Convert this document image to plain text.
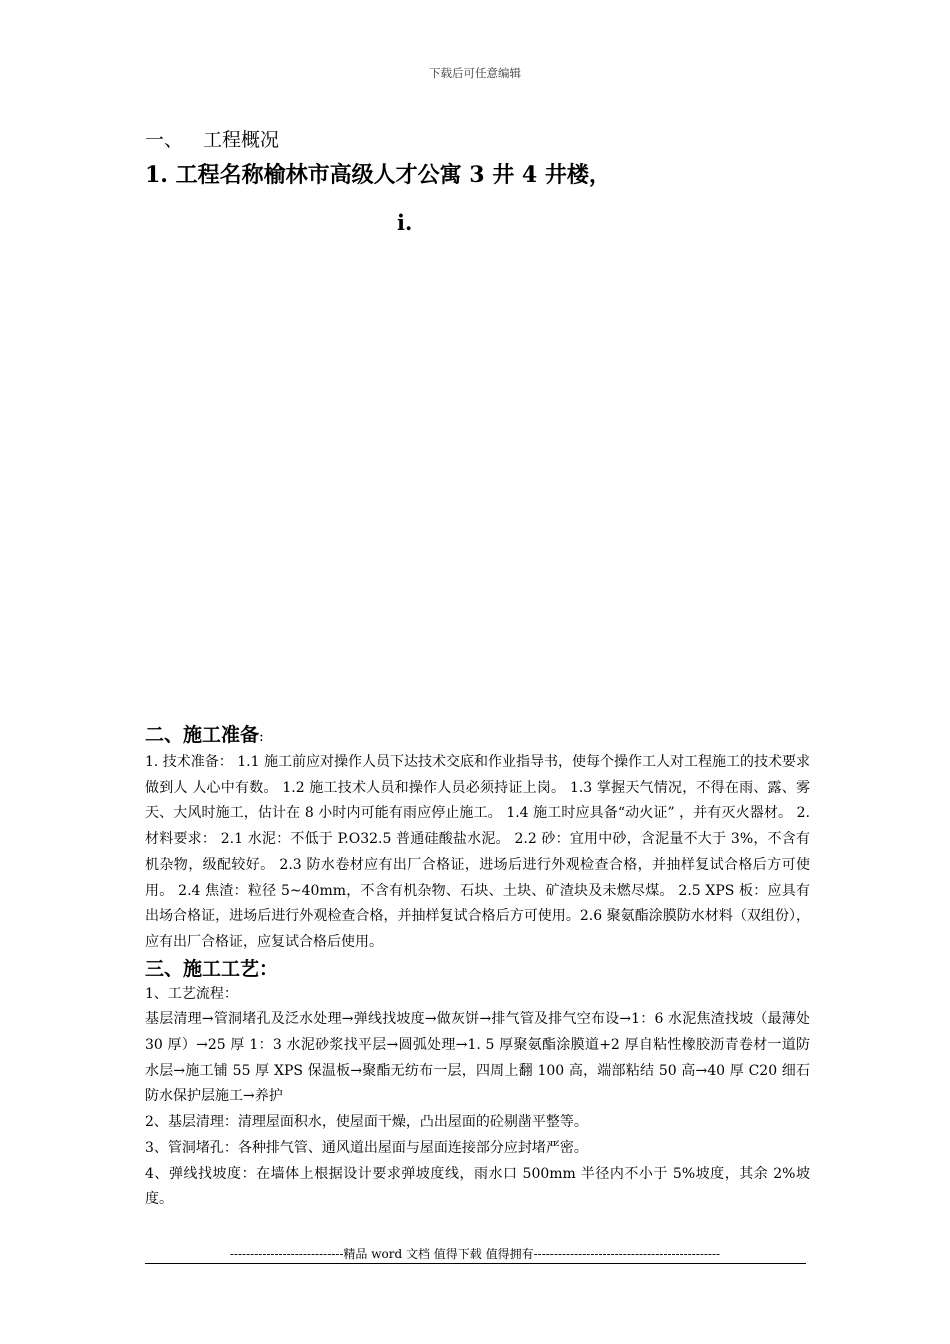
下载后可任意编辑
一、 工程概况
1. 工程名称榆林市高级人才公寓 3 井 4 井楼，
i.
二、施工准备:

1. 技术准备： 1.1 施工前应对操作人员下达技术交底和作业指导书，使每个操作工人对工程施工的技术要求做到人 人心中有数。 1.2 施工技术人员和操作人员必须持证上岗。 1.3 掌握天气情况，不得在雨、露、雾天、大风时施工，估计在 8 小时内可能有雨应停止施工。 1.4 施工时应具备“动火证” ，并有灭火器材。 2. 材料要求： 2.1 水泥：不低于 P.O32.5 普通硅酸盐水泥。 2.2 砂：宜用中砂，含泥量不大于 3%，不含有机杂物，级配较好。 2.3 防水卷材应有出厂合格证，进场后进行外观检查合格，并抽样复试合格后方可使用。 2.4 焦渣：粒径 5~40mm，不含有机杂物、石块、土块、矿渣块及未燃尽煤。 2.5 XPS 板：应具有出场合格证，进场后进行外观检查合格，并抽样复试合格后方可使用。2.6 聚氨酯涂膜防水材料（双组份），应有出厂合格证，应复试合格后使用。

三、施工工艺：

1、工艺流程：

基层清理→管洞堵孔及泛水处理→弹线找坡度→做灰饼→排气管及排气空布设→1：6 水泥焦渣找坡（最薄处 30 厚）→25 厚 1：3 水泥砂浆找平层→圆弧处理→1. 5 厚聚氨酯涂膜道+2 厚自粘性橡胶沥青卷材一道防水层→施工铺 55 厚 XPS 保温板→聚酯无纺布一层，四周上翻 100 高，端部粘结 50 高→40 厚 C20 细石防水保护层施工→养护

2、基层清理：清理屋面积水，使屋面干燥，凸出屋面的砼剔凿平整等。

3、管洞堵孔：各种排气管、通风道出屋面与屋面连接部分应封堵严密。

4、弹线找坡度：在墙体上根据设计要求弹坡度线，雨水口 500mm 半径内不小于 5%坡度，其余 2%坡度。

----------------------------精品 word 文档 值得下载 值得拥有----------------------------------------------
